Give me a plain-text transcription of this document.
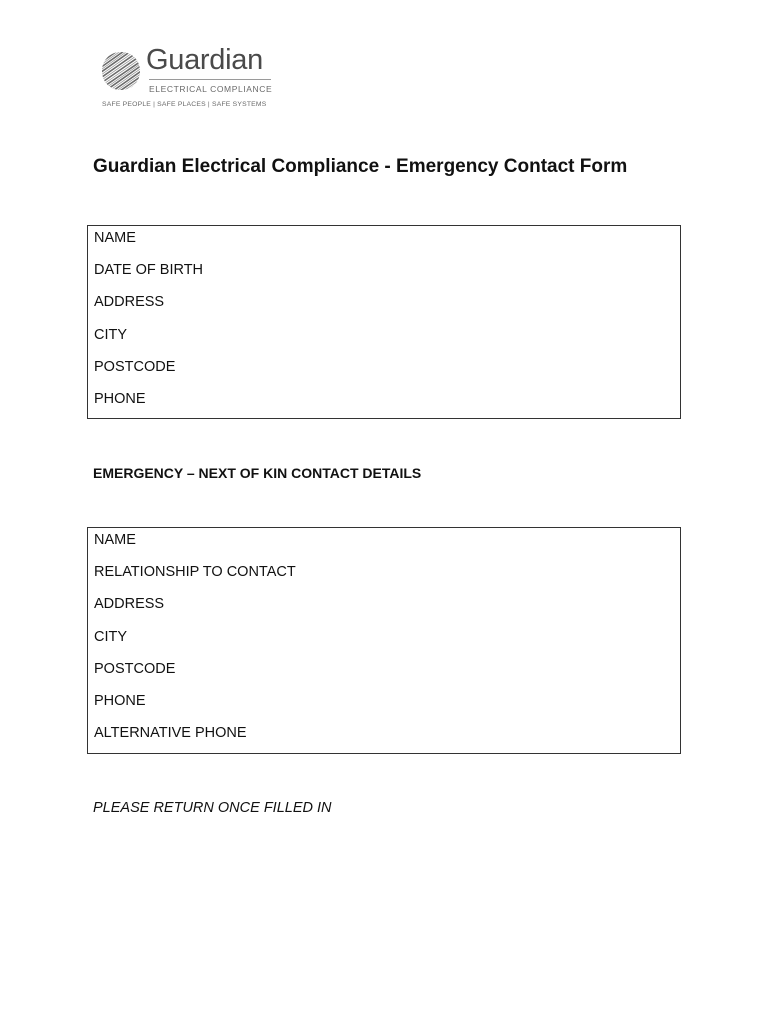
Guardian
ELECTRICAL COMPLIANCE
SAFE PEOPLE | SAFE PLACES | SAFE SYSTEMS
Guardian Electrical Compliance - Emergency Contact Form
NAME
DATE OF BIRTH
ADDRESS
CITY
POSTCODE
PHONE
EMERGENCY – NEXT OF KIN CONTACT DETAILS
NAME
RELATIONSHIP TO CONTACT
ADDRESS
CITY
POSTCODE
PHONE
ALTERNATIVE PHONE

PLEASE RETURN ONCE FILLED IN
